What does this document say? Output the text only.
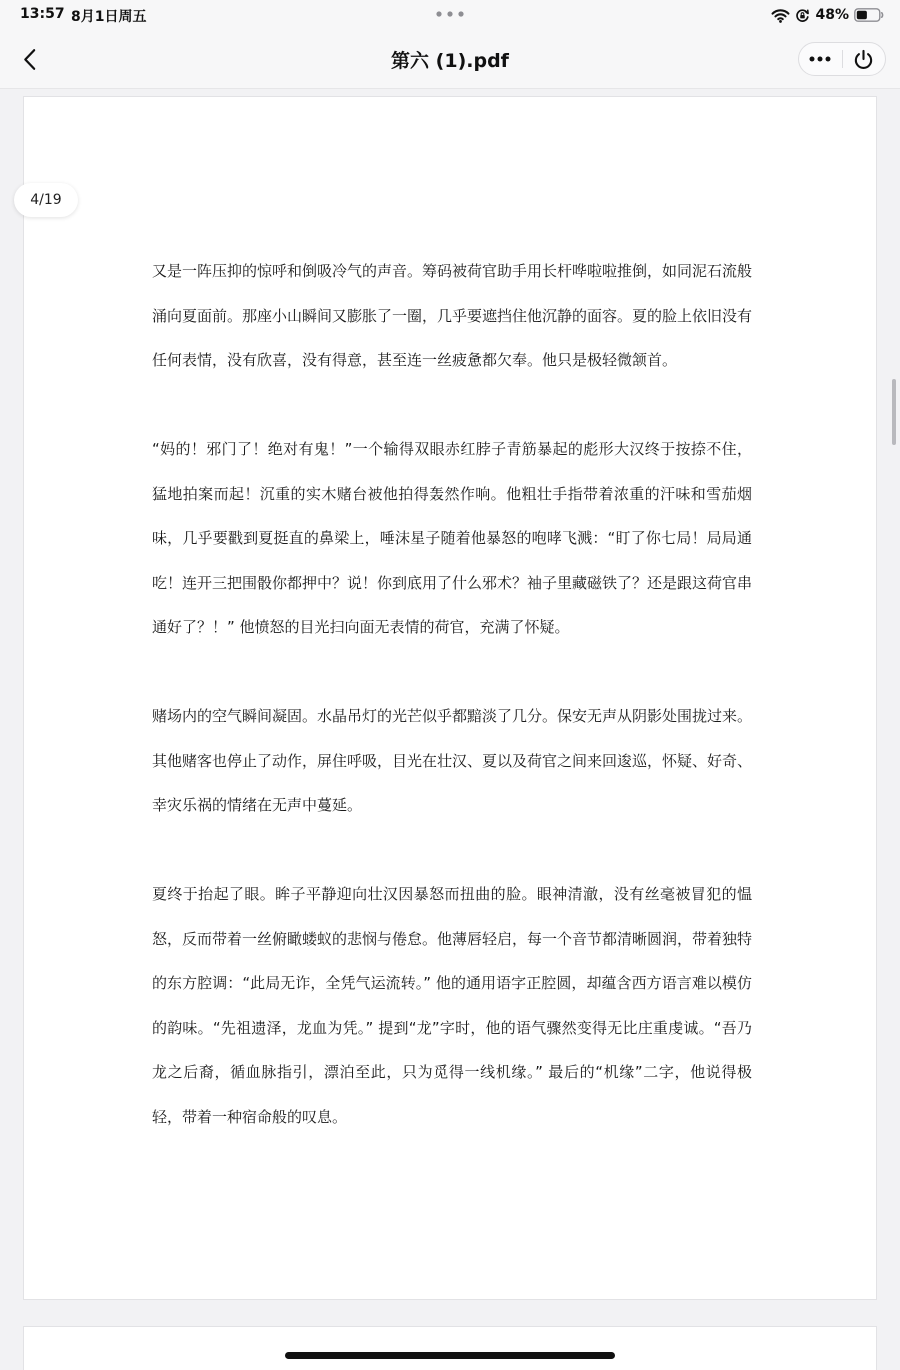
13:57 8月1日周五	48%
第六 (1).pdf

又是一阵压抑的惊呼和倒吸冷气的声音。筹码被荷官助手用长杆哗啦啦推倒，如同泥石流般涌向夏面前。那座小山瞬间又膨胀了一圈，几乎要遮挡住他沉静的面容。夏的脸上依旧没有任何表情，没有欣喜，没有得意，甚至连一丝疲惫都欠奉。他只是极轻微颔首。

“妈的！邪门了！绝对有鬼！”一个输得双眼赤红脖子青筋暴起的彪形大汉终于按捺不住，猛地拍案而起！沉重的实木赌台被他拍得轰然作响。他粗壮手指带着浓重的汗味和雪茄烟味，几乎要戳到夏挺直的鼻梁上，唾沫星子随着他暴怒的咆哮飞溅：“盯了你七局！局局通吃！连开三把围骰你都押中？说！你到底用了什么邪术？袖子里藏磁铁了？还是跟这荷官串通好了？！” 他愤怒的目光扫向面无表情的荷官，充满了怀疑。

赌场内的空气瞬间凝固。水晶吊灯的光芒似乎都黯淡了几分。保安无声从阴影处围拢过来。其他赌客也停止了动作，屏住呼吸，目光在壮汉、夏以及荷官之间来回逡巡，怀疑、好奇、幸灾乐祸的情绪在无声中蔓延。

夏终于抬起了眼。眸子平静迎向壮汉因暴怒而扭曲的脸。眼神清澈，没有丝毫被冒犯的愠怒，反而带着一丝俯瞰蝼蚁的悲悯与倦怠。他薄唇轻启，每一个音节都清晰圆润，带着独特的东方腔调：“此局无诈，全凭气运流转。” 他的通用语字正腔圆，却蕴含西方语言难以模仿的韵味。“先祖遗泽，龙血为凭。” 提到“龙”字时，他的语气骤然变得无比庄重虔诚。“吾乃龙之后裔，循血脉指引，漂泊至此，只为觅得一线机缘。” 最后的“机缘”二字，他说得极轻，带着一种宿命般的叹息。

4/19
